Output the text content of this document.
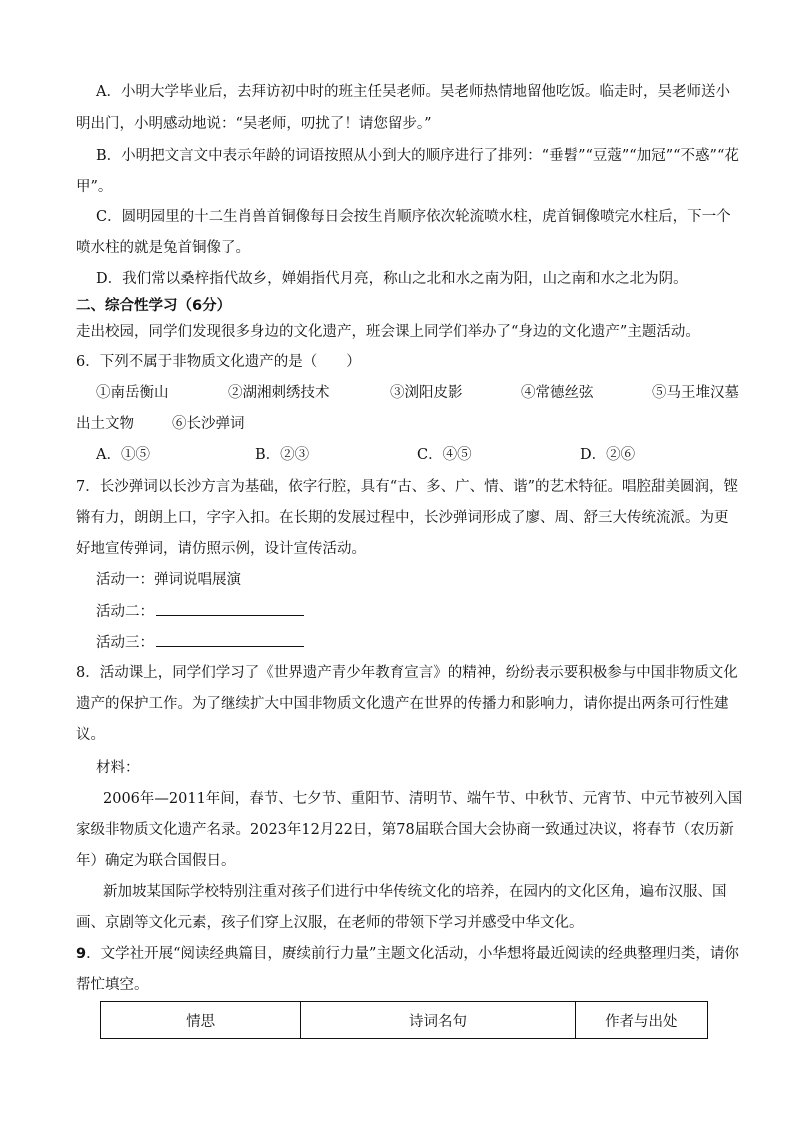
A．小明大学毕业后，去拜访初中时的班主任吴老师。吴老师热情地留他吃饭。临走时，吴老师送小
明出门，小明感动地说：“吴老师，叨扰了！请您留步。”
B．小明把文言文中表示年龄的词语按照从小到大的顺序进行了排列：“垂髫”“豆蔻”“加冠”“不惑”“花
甲”。
C．圆明园里的十二生肖兽首铜像每日会按生肖顺序依次轮流喷水柱，虎首铜像喷完水柱后，下一个
喷水柱的就是兔首铜像了。
D．我们常以桑梓指代故乡，婵娟指代月亮，称山之北和水之南为阳，山之南和水之北为阴。
二、综合性学习（6分）
走出校园，同学们发现很多身边的文化遗产，班会课上同学们举办了“身边的文化遗产”主题活动。
6．下列不属于非物质文化遗产的是（　　）
①南岳衡山	②湖湘刺绣技术	③浏阳皮影	④常德丝弦	⑤马王堆汉墓
出土文物	⑥长沙弹词
A．①⑤	B．②③	C．④⑤	D．②⑥
7．长沙弹词以长沙方言为基础，依字行腔，具有“古、多、广、情、谐”的艺术特征。唱腔甜美圆润，铿
锵有力，朗朗上口，字字入扣。在长期的发展过程中，长沙弹词形成了廖、周、舒三大传统流派。为更
好地宣传弹词，请仿照示例，设计宣传活动。
活动一：弹词说唱展演
活动二：
活动三：
8．活动课上，同学们学习了《世界遗产青少年教育宣言》的精神，纷纷表示要积极参与中国非物质文化
遗产的保护工作。为了继续扩大中国非物质文化遗产在世界的传播力和影响力，请你提出两条可行性建
议。
材料：
2006年—2011年间，春节、七夕节、重阳节、清明节、端午节、中秋节、元宵节、中元节被列入国
家级非物质文化遗产名录。2023年12月22日，第78届联合国大会协商一致通过决议，将春节（农历新
年）确定为联合国假日。
新加坡某国际学校特别注重对孩子们进行中华传统文化的培养，在园内的文化区角，遍布汉服、国
画、京剧等文化元素，孩子们穿上汉服，在老师的带领下学习并感受中华文化。
9．文学社开展“阅读经典篇目，赓续前行力量”主题文化活动，小华想将最近阅读的经典整理归类，请你
帮忙填空。
情思	诗词名句	作者与出处
